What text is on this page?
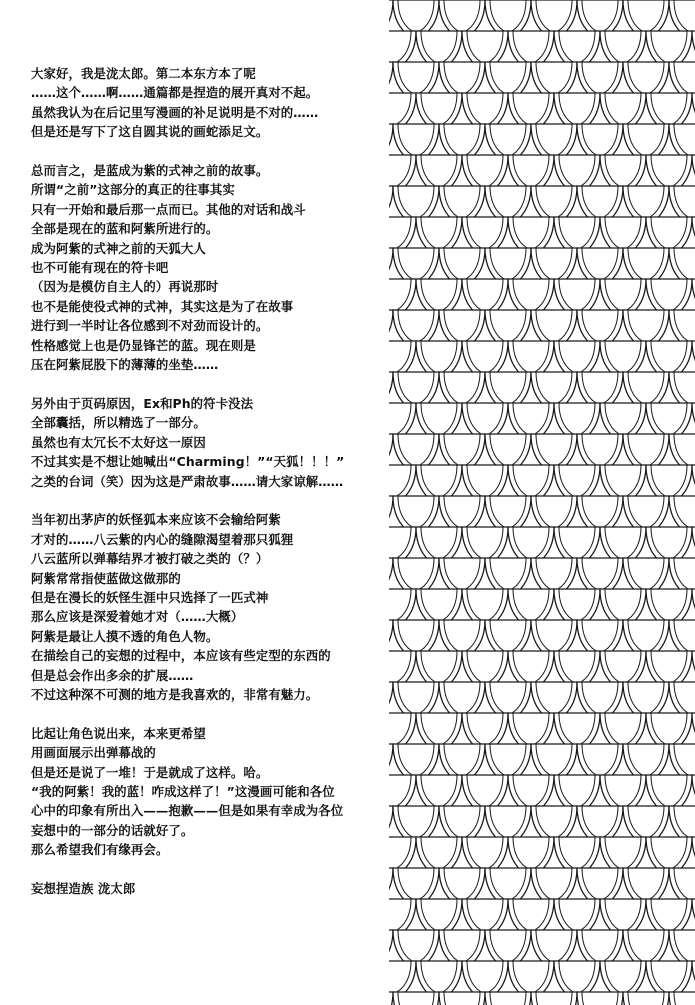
大家好，我是泷太郎。第二本东方本了呢
……这个……啊……通篇都是捏造的展开真对不起。
虽然我认为在后记里写漫画的补足说明是不对的……
但是还是写下了这自圆其说的画蛇添足文。
总而言之，是蓝成为紫的式神之前的故事。
所谓“之前”这部分的真正的往事其实
只有一开始和最后那一点而已。其他的对话和战斗
全部是现在的蓝和阿紫所进行的。
成为阿紫的式神之前的天狐大人
也不可能有现在的符卡吧
（因为是模仿自主人的）再说那时
也不是能使役式神的式神，其实这是为了在故事
进行到一半时让各位感到不对劲而设计的。
性格感觉上也是仍显锋芒的蓝。现在则是
压在阿紫屁股下的薄薄的坐垫……
另外由于页码原因，Ex和Ph的符卡没法
全部囊括，所以精选了一部分。
虽然也有太冗长不太好这一原因
不过其实是不想让她喊出“Charming！”“天狐！！！”
之类的台词（笑）因为这是严肃故事……请大家谅解……
当年初出茅庐的妖怪狐本来应该不会输给阿紫
才对的……八云紫的内心的缝隙渴望着那只狐狸
八云蓝所以弹幕结界才被打破之类的（？）
阿紫常常指使蓝做这做那的
但是在漫长的妖怪生涯中只选择了一匹式神
那么应该是深爱着她才对（……大概）
阿紫是最让人摸不透的角色人物。
在描绘自己的妄想的过程中，本应该有些定型的东西的
但是总会作出多余的扩展……
不过这种深不可测的地方是我喜欢的，非常有魅力。
比起让角色说出来，本来更希望
用画面展示出弹幕战的
但是还是说了一堆！于是就成了这样。哈。
“我的阿紫！我的蓝！咋成这样了！”这漫画可能和各位
心中的印象有所出入——抱歉——但是如果有幸成为各位
妄想中的一部分的话就好了。
那么希望我们有缘再会。
妄想捏造族 泷太郎
